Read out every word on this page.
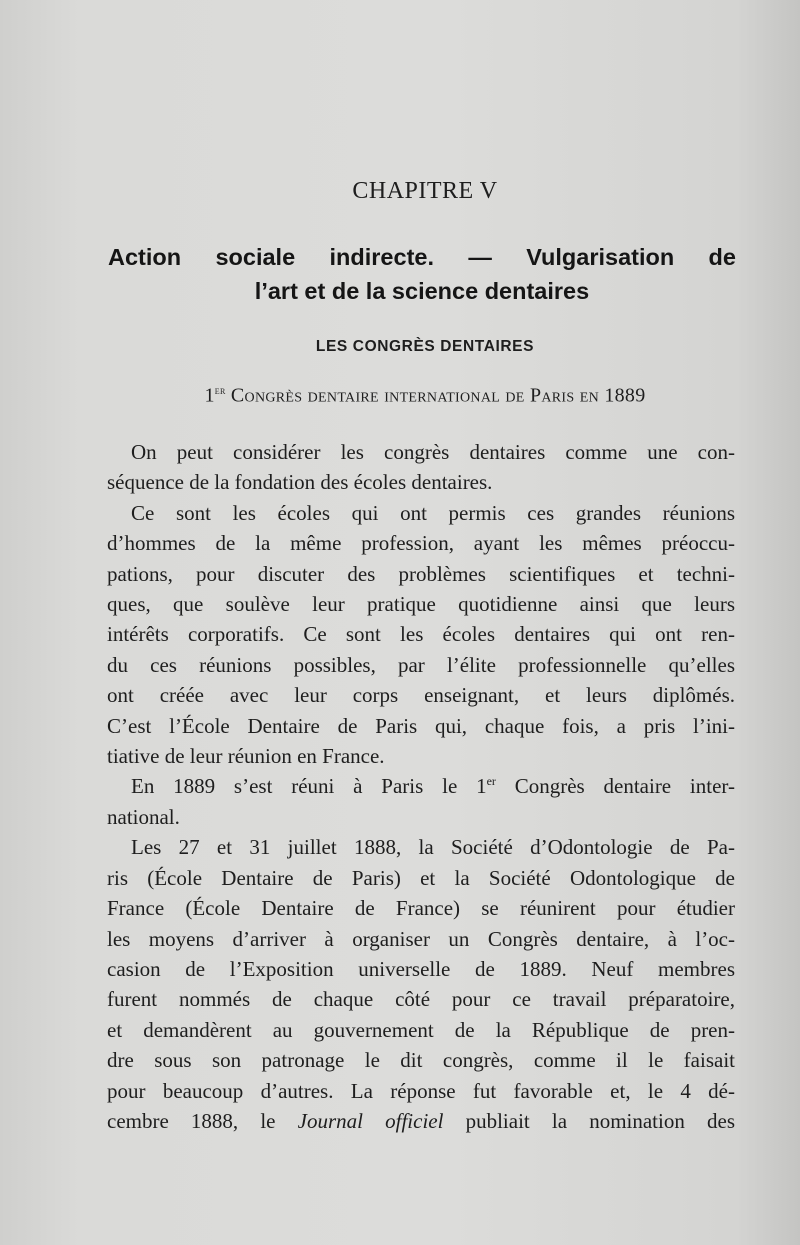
CHAPITRE V
Action sociale indirecte. — Vulgarisation de
l’art et de la science dentaires
LES CONGRÈS DENTAIRES
1er Congrès dentaire international de Paris en 1889
On peut considérer les congrès dentaires comme une con-
séquence de la fondation des écoles dentaires.
Ce sont les écoles qui ont permis ces grandes réunions
d’hommes de la même profession, ayant les mêmes préoccu-
pations, pour discuter des problèmes scientifiques et techni-
ques, que soulève leur pratique quotidienne ainsi que leurs
intérêts corporatifs. Ce sont les écoles dentaires qui ont ren-
du ces réunions possibles, par l’élite professionnelle qu’elles
ont créée avec leur corps enseignant, et leurs diplômés.
C’est l’École Dentaire de Paris qui, chaque fois, a pris l’ini-
tiative de leur réunion en France.
En 1889 s’est réuni à Paris le 1er Congrès dentaire inter-
national.
Les 27 et 31 juillet 1888, la Société d’Odontologie de Pa-
ris (École Dentaire de Paris) et la Société Odontologique de
France (École Dentaire de France) se réunirent pour étudier
les moyens d’arriver à organiser un Congrès dentaire, à l’oc-
casion de l’Exposition universelle de 1889. Neuf membres
furent nommés de chaque côté pour ce travail préparatoire,
et demandèrent au gouvernement de la République de pren-
dre sous son patronage le dit congrès, comme il le faisait
pour beaucoup d’autres. La réponse fut favorable et, le 4 dé-
cembre 1888, le Journal officiel publiait la nomination des
